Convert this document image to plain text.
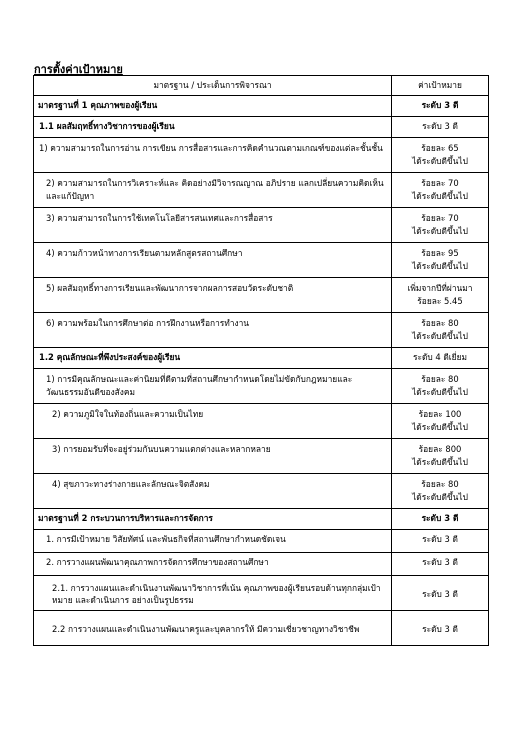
การตั้งค่าเป้าหมาย
มาตรฐาน / ประเด็นการพิจารณา	ค่าเป้าหมาย
มาตรฐานที่ 1 คุณภาพของผู้เรียน	ระดับ 3 ดี
1.1 ผลสัมฤทธิ์ทางวิชาการของผู้เรียน	ระดับ 3 ดี
1) ความสามารถในการอ่าน การเขียน การสื่อสารและการคิดคำนวณตามเกณฑ์ของแต่ละชั้นชั้น	ร้อยละ 65
ได้ระดับดีขึ้นไป
2) ความสามารถในการวิเคราะห์และ คิดอย่างมีวิจารณญาณ อภิปราย แลกเปลี่ยนความคิดเห็นและแก้ปัญหา	ร้อยละ 70
ได้ระดับดีขึ้นไป
3) ความสามารถในการใช้เทคโนโลยีสารสนเทศและการสื่อสาร	ร้อยละ 70
ได้ระดับดีขึ้นไป
4) ความก้าวหน้าทางการเรียนตามหลักสูตรสถานศึกษา	ร้อยละ 95
ได้ระดับดีขึ้นไป
5) ผลสัมฤทธิ์ทางการเรียนและพัฒนาการจากผลการสอบวัดระดับชาติ	เพิ่มจากปีที่ผ่านมา
ร้อยละ 5.45
6) ความพร้อมในการศึกษาต่อ การฝึกงานหรือการทำงาน	ร้อยละ 80
ได้ระดับดีขึ้นไป
1.2 คุณลักษณะที่พึงประสงค์ของผู้เรียน	ระดับ 4 ดีเยี่ยม
1) การมีคุณลักษณะและค่านิยมที่ดีตามที่สถานศึกษากำหนดโดยไม่ขัดกับกฎหมายและวัฒนธรรมอันดีของสังคม	ร้อยละ 80
ได้ระดับดีขึ้นไป
2) ความภูมิใจในท้องถิ่นและความเป็นไทย	ร้อยละ 100
ได้ระดับดีขึ้นไป
3) การยอมรับที่จะอยู่ร่วมกันบนความแตกต่างและหลากหลาย	ร้อยละ 800
ได้ระดับดีขึ้นไป
4) สุขภาวะทางร่างกายและลักษณะจิตสังคม	ร้อยละ 80
ได้ระดับดีขึ้นไป
มาตรฐานที่ 2 กระบวนการบริหารและการจัดการ	ระดับ 3 ดี
1. การมีเป้าหมาย วิสัยทัศน์ และพันธกิจที่สถานศึกษากำหนดชัดเจน	ระดับ 3 ดี
2. การวางแผนพัฒนาคุณภาพการจัดการศึกษาของสถานศึกษา	ระดับ 3 ดี
2.1. การวางแผนและดำเนินงานพัฒนาวิชาการที่เน้น คุณภาพของผู้เรียนรอบด้านทุกกลุ่มเป้าหมาย และดำเนินการ อย่างเป็นรูปธรรม	ระดับ 3 ดี
2.2 การวางแผนและดำเนินงานพัฒนาครูและบุคลากรให้ มีความเชี่ยวชาญทางวิชาชีพ	ระดับ 3 ดี
